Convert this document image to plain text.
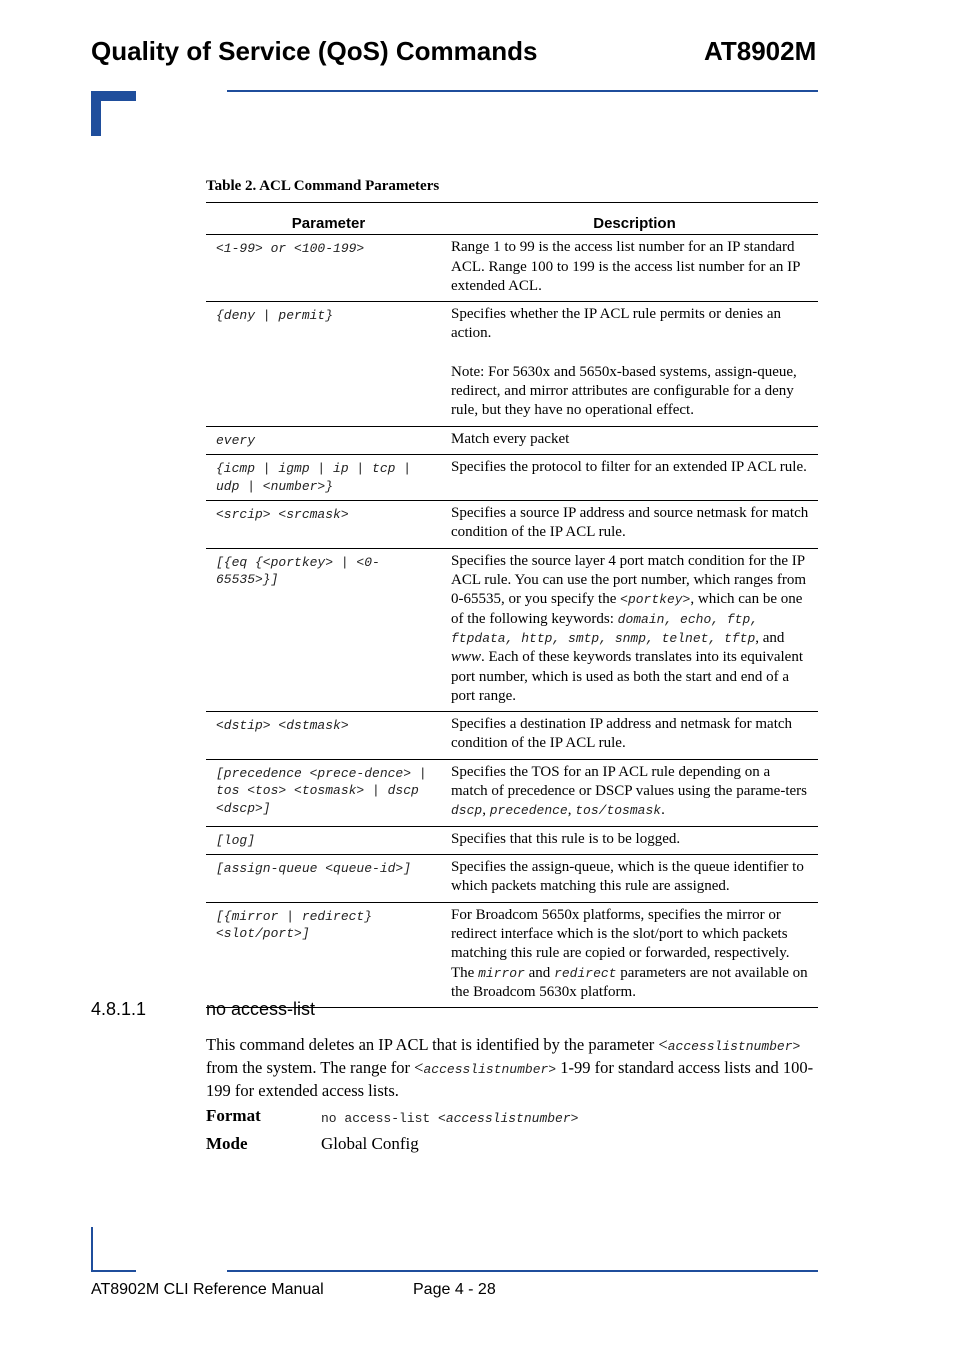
Quality of Service (QoS) Commands	AT8902M
Table 2. ACL Command Parameters
Parameter	Description
<1-99> or <100-199>	Range 1 to 99 is the access list number for an IP standard ACL. Range 100 to 199 is the access list number for an IP extended ACL.
{deny | permit}	Specifies whether the IP ACL rule permits or denies an action.
Note: For 5630x and 5650x-based systems, assign-queue, redirect, and mirror attributes are configurable for a deny rule, but they have no operational effect.

every	Match every packet
{icmp | igmp | ip | tcp | udp | <number>}	Specifies the protocol to filter for an extended IP ACL rule.
<srcip> <srcmask>	Specifies a source IP address and source netmask for match condition of the IP ACL rule.
[{eq {<portkey> | <0-65535>}]	Specifies the source layer 4 port match condition for the IP ACL rule. You can use the port number, which ranges from 0-65535, or you specify the <portkey>, which can be one of the following keywords: domain, echo, ftp, ftpdata, http, smtp, snmp, telnet, tftp, and www. Each of these keywords translates into its equivalent port number, which is used as both the start and end of a port range.
<dstip> <dstmask>	Specifies a destination IP address and netmask for match condition of the IP ACL rule.
[precedence <prece-dence> | tos <tos> <tosmask> | dscp <dscp>]	Specifies the TOS for an IP ACL rule depending on a match of precedence or DSCP values using the parame-ters dscp, precedence, tos/tosmask.
[log]	Specifies that this rule is to be logged.
[assign-queue <queue-id>]	Specifies the assign-queue, which is the queue identifier to which packets matching this rule are assigned.
[{mirror | redirect} <slot/port>]	For Broadcom 5650x platforms, specifies the mirror or redirect interface which is the slot/port to which packets matching this rule are copied or forwarded, respectively. The mirror and redirect parameters are not available on the Broadcom 5630x platform.
4.8.1.1	no access-list
This command deletes an IP ACL that is identified by the parameter <accesslistnumber> from the system. The range for <accesslistnumber> 1-99 for standard access lists and 100-199 for extended access lists.
Format	no access-list <accesslistnumber>
Mode	Global Config
AT8902M CLI Reference Manual	Page 4 - 28
